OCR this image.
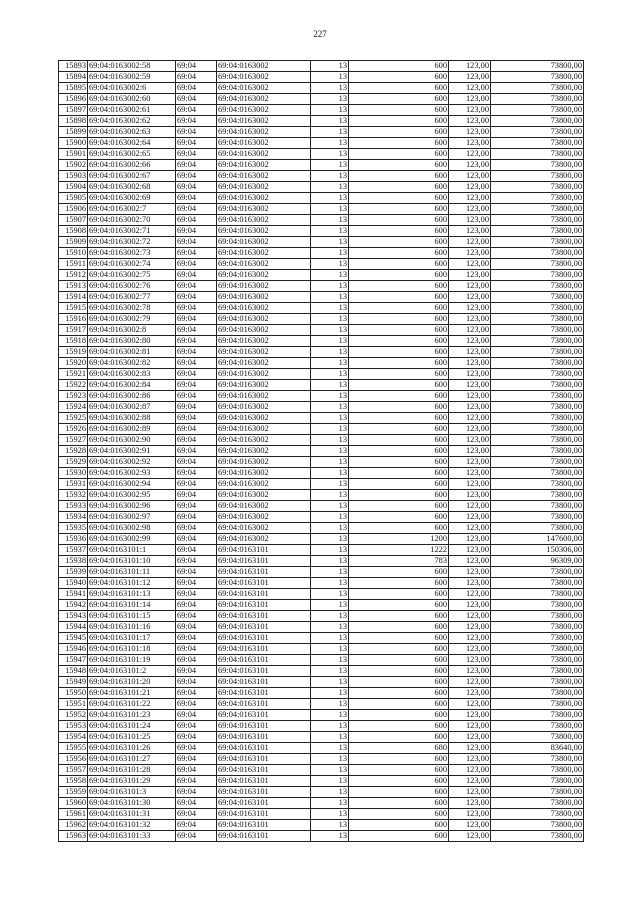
227
15893	69:04:0163002:58	69:04	69:04:0163002	13	600	123,00	73800,00
15894	69:04:0163002:59	69:04	69:04:0163002	13	600	123,00	73800,00
15895	69:04:0163002:6	69:04	69:04:0163002	13	600	123,00	73800,00
15896	69:04:0163002:60	69:04	69:04:0163002	13	600	123,00	73800,00
15897	69:04:0163002:61	69:04	69:04:0163002	13	600	123,00	73800,00
15898	69:04:0163002:62	69:04	69:04:0163002	13	600	123,00	73800,00
15899	69:04:0163002:63	69:04	69:04:0163002	13	600	123,00	73800,00
15900	69:04:0163002:64	69:04	69:04:0163002	13	600	123,00	73800,00
15901	69:04:0163002:65	69:04	69:04:0163002	13	600	123,00	73800,00
15902	69:04:0163002:66	69:04	69:04:0163002	13	600	123,00	73800,00
15903	69:04:0163002:67	69:04	69:04:0163002	13	600	123,00	73800,00
15904	69:04:0163002:68	69:04	69:04:0163002	13	600	123,00	73800,00
15905	69:04:0163002:69	69:04	69:04:0163002	13	600	123,00	73800,00
15906	69:04:0163002:7	69:04	69:04:0163002	13	600	123,00	73800,00
15907	69:04:0163002:70	69:04	69:04:0163002	13	600	123,00	73800,00
15908	69:04:0163002:71	69:04	69:04:0163002	13	600	123,00	73800,00
15909	69:04:0163002:72	69:04	69:04:0163002	13	600	123,00	73800,00
15910	69:04:0163002:73	69:04	69:04:0163002	13	600	123,00	73800,00
15911	69:04:0163002:74	69:04	69:04:0163002	13	600	123,00	73800,00
15912	69:04:0163002:75	69:04	69:04:0163002	13	600	123,00	73800,00
15913	69:04:0163002:76	69:04	69:04:0163002	13	600	123,00	73800,00
15914	69:04:0163002:77	69:04	69:04:0163002	13	600	123,00	73800,00
15915	69:04:0163002:78	69:04	69:04:0163002	13	600	123,00	73800,00
15916	69:04:0163002:79	69:04	69:04:0163002	13	600	123,00	73800,00
15917	69:04:0163002:8	69:04	69:04:0163002	13	600	123,00	73800,00
15918	69:04:0163002:80	69:04	69:04:0163002	13	600	123,00	73800,00
15919	69:04:0163002:81	69:04	69:04:0163002	13	600	123,00	73800,00
15920	69:04:0163002:82	69:04	69:04:0163002	13	600	123,00	73800,00
15921	69:04:0163002:83	69:04	69:04:0163002	13	600	123,00	73800,00
15922	69:04:0163002:84	69:04	69:04:0163002	13	600	123,00	73800,00
15923	69:04:0163002:86	69:04	69:04:0163002	13	600	123,00	73800,00
15924	69:04:0163002:87	69:04	69:04:0163002	13	600	123,00	73800,00
15925	69:04:0163002:88	69:04	69:04:0163002	13	600	123,00	73800,00
15926	69:04:0163002:89	69:04	69:04:0163002	13	600	123,00	73800,00
15927	69:04:0163002:90	69:04	69:04:0163002	13	600	123,00	73800,00
15928	69:04:0163002:91	69:04	69:04:0163002	13	600	123,00	73800,00
15929	69:04:0163002:92	69:04	69:04:0163002	13	600	123,00	73800,00
15930	69:04:0163002:93	69:04	69:04:0163002	13	600	123,00	73800,00
15931	69:04:0163002:94	69:04	69:04:0163002	13	600	123,00	73800,00
15932	69:04:0163002:95	69:04	69:04:0163002	13	600	123,00	73800,00
15933	69:04:0163002:96	69:04	69:04:0163002	13	600	123,00	73800,00
15934	69:04:0163002:97	69:04	69:04:0163002	13	600	123,00	73800,00
15935	69:04:0163002:98	69:04	69:04:0163002	13	600	123,00	73800,00
15936	69:04:0163002:99	69:04	69:04:0163002	13	1200	123,00	147600,00
15937	69:04:0163101:1	69:04	69:04:0163101	13	1222	123,00	150306,00
15938	69:04:0163101:10	69:04	69:04:0163101	13	783	123,00	96309,00
15939	69:04:0163101:11	69:04	69:04:0163101	13	600	123,00	73800,00
15940	69:04:0163101:12	69:04	69:04:0163101	13	600	123,00	73800,00
15941	69:04:0163101:13	69:04	69:04:0163101	13	600	123,00	73800,00
15942	69:04:0163101:14	69:04	69:04:0163101	13	600	123,00	73800,00
15943	69:04:0163101:15	69:04	69:04:0163101	13	600	123,00	73800,00
15944	69:04:0163101:16	69:04	69:04:0163101	13	600	123,00	73800,00
15945	69:04:0163101:17	69:04	69:04:0163101	13	600	123,00	73800,00
15946	69:04:0163101:18	69:04	69:04:0163101	13	600	123,00	73800,00
15947	69:04:0163101:19	69:04	69:04:0163101	13	600	123,00	73800,00
15948	69:04:0163101:2	69:04	69:04:0163101	13	600	123,00	73800,00
15949	69:04:0163101:20	69:04	69:04:0163101	13	600	123,00	73800,00
15950	69:04:0163101:21	69:04	69:04:0163101	13	600	123,00	73800,00
15951	69:04:0163101:22	69:04	69:04:0163101	13	600	123,00	73800,00
15952	69:04:0163101:23	69:04	69:04:0163101	13	600	123,00	73800,00
15953	69:04:0163101:24	69:04	69:04:0163101	13	600	123,00	73800,00
15954	69:04:0163101:25	69:04	69:04:0163101	13	600	123,00	73800,00
15955	69:04:0163101:26	69:04	69:04:0163101	13	680	123,00	83640,00
15956	69:04:0163101:27	69:04	69:04:0163101	13	600	123,00	73800,00
15957	69:04:0163101:28	69:04	69:04:0163101	13	600	123,00	73800,00
15958	69:04:0163101:29	69:04	69:04:0163101	13	600	123,00	73800,00
15959	69:04:0163101:3	69:04	69:04:0163101	13	600	123,00	73800,00
15960	69:04:0163101:30	69:04	69:04:0163101	13	600	123,00	73800,00
15961	69:04:0163101:31	69:04	69:04:0163101	13	600	123,00	73800,00
15962	69:04:0163101:32	69:04	69:04:0163101	13	600	123,00	73800,00
15963	69:04:0163101:33	69:04	69:04:0163101	13	600	123,00	73800,00
